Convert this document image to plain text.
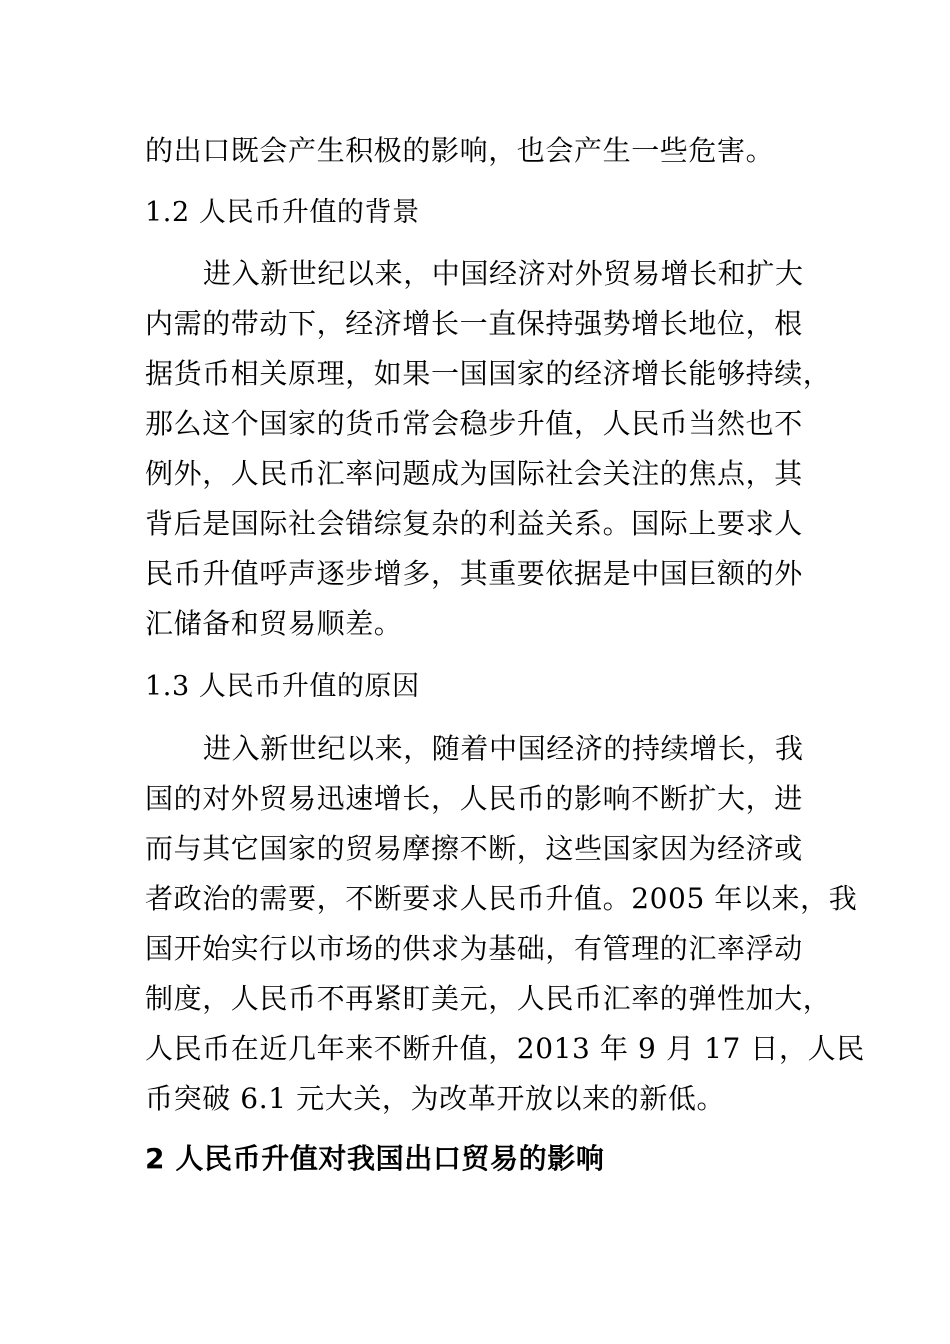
的出口既会产生积极的影响，也会产生一些危害。
1.2 人民币升值的背景
进入新世纪以来，中国经济对外贸易增长和扩大
内需的带动下，经济增长一直保持强势增长地位，根
据货币相关原理，如果一国国家的经济增长能够持续，
那么这个国家的货币常会稳步升值，人民币当然也不
例外，人民币汇率问题成为国际社会关注的焦点，其
背后是国际社会错综复杂的利益关系。国际上要求人
民币升值呼声逐步增多，其重要依据是中国巨额的外
汇储备和贸易顺差。
1.3 人民币升值的原因
进入新世纪以来，随着中国经济的持续增长，我
国的对外贸易迅速增长，人民币的影响不断扩大，进
而与其它国家的贸易摩擦不断，这些国家因为经济或
者政治的需要，不断要求人民币升值。2005 年以来，我
国开始实行以市场的供求为基础，有管理的汇率浮动
制度，人民币不再紧盯美元，人民币汇率的弹性加大，
人民币在近几年来不断升值，2013 年 9 月 17 日，人民
币突破 6.1 元大关，为改革开放以来的新低。
2 人民币升值对我国出口贸易的影响
